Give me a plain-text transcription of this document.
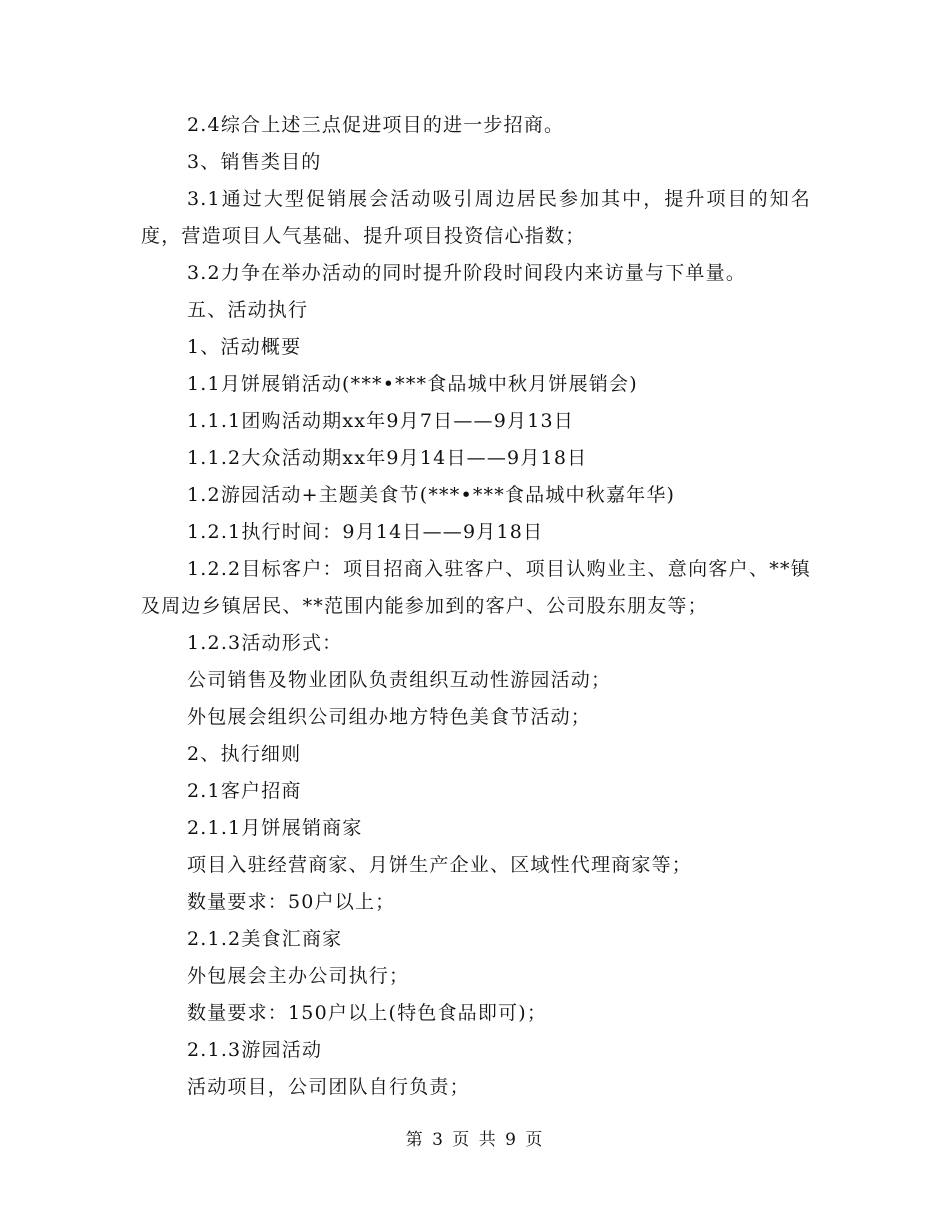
2.4综合上述三点促进项目的进一步招商。

3、销售类目的

3.1通过大型促销展会活动吸引周边居民参加其中，提升项目的知名度，营造项目人气基础、提升项目投资信心指数；

3.2力争在举办活动的同时提升阶段时间段内来访量与下单量。

五、活动执行

1、活动概要

1.1月饼展销活动(***•***食品城中秋月饼展销会)

1.1.1团购活动期xx年9月7日——9月13日

1.1.2大众活动期xx年9月14日——9月18日

1.2游园活动+主题美食节(***•***食品城中秋嘉年华)

1.2.1执行时间：9月14日——9月18日

1.2.2目标客户：项目招商入驻客户、项目认购业主、意向客户、**镇及周边乡镇居民、**范围内能参加到的客户、公司股东朋友等；

1.2.3活动形式：

公司销售及物业团队负责组织互动性游园活动；

外包展会组织公司组办地方特色美食节活动；

2、执行细则

2.1客户招商

2.1.1月饼展销商家

项目入驻经营商家、月饼生产企业、区域性代理商家等；

数量要求：50户以上；

2.1.2美食汇商家

外包展会主办公司执行；

数量要求：150户以上(特色食品即可)；

2.1.3游园活动

活动项目，公司团队自行负责；

第 3 页 共 9 页
